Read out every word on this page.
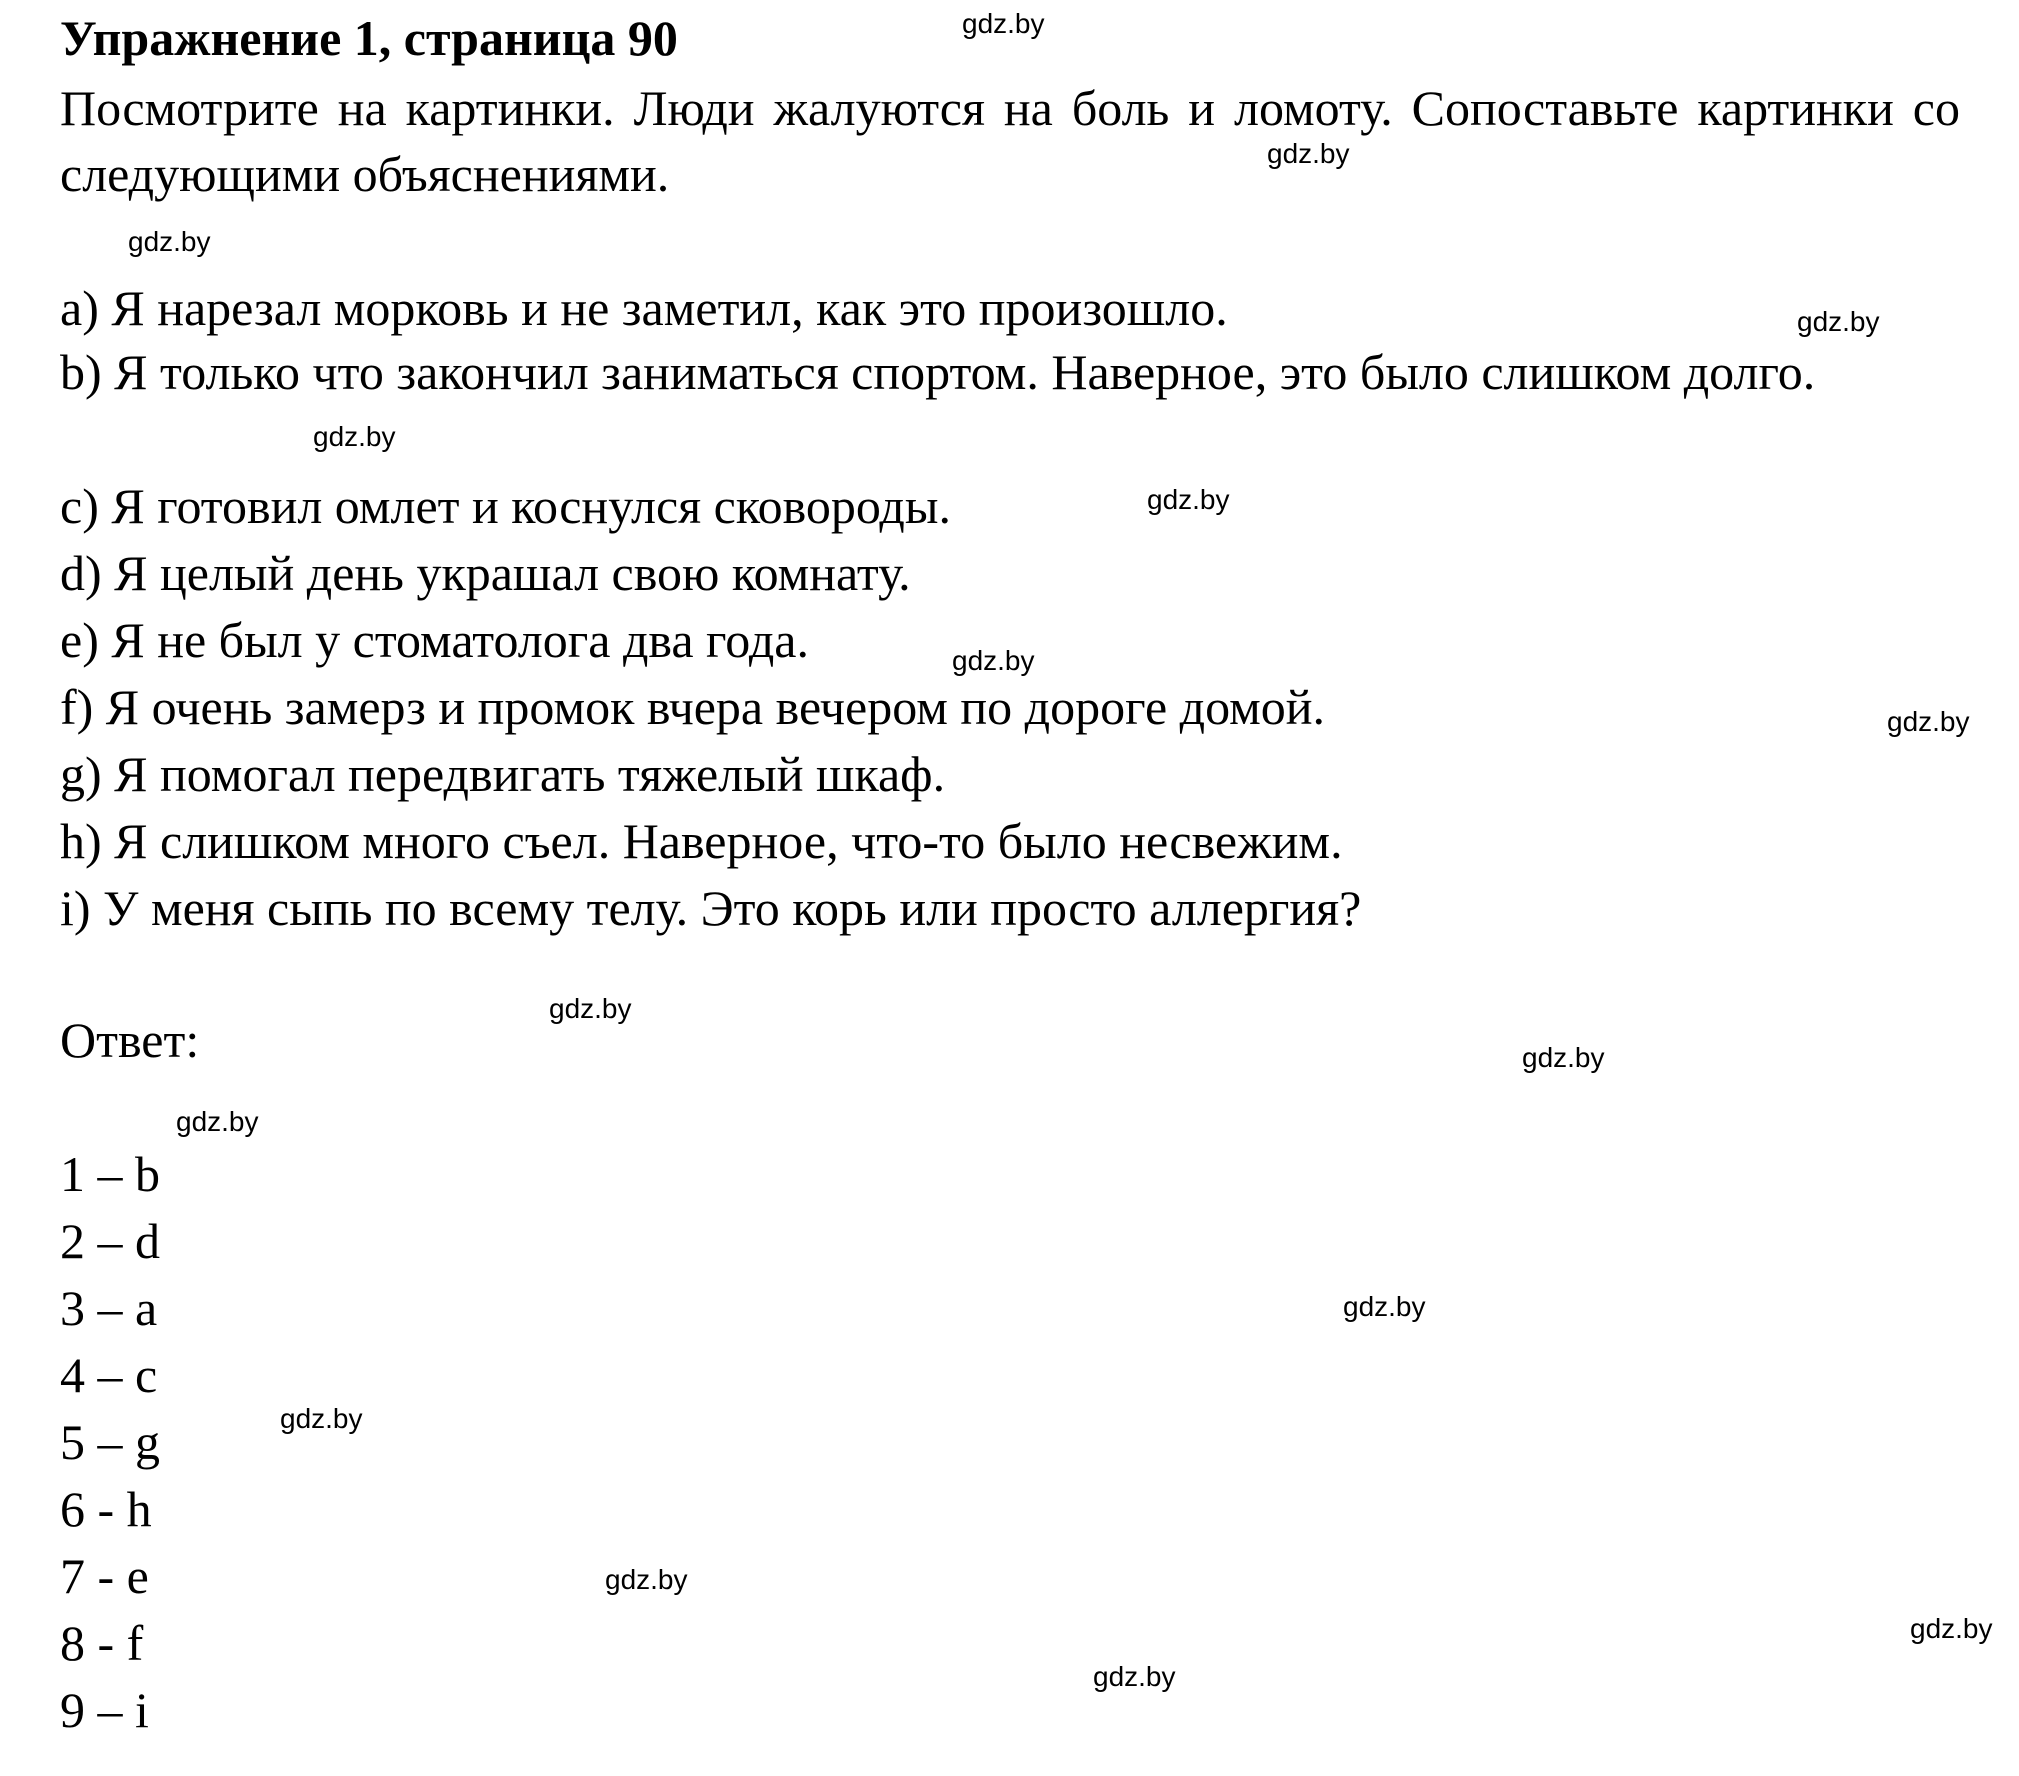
Упражнение 1, страница 90

Посмотрите на картинки. Люди жалуются на боль и ломоту. Сопоставьте картинки со следующими объяснениями.

a) Я нарезал морковь и не заметил, как это произошло.

b) Я только что закончил заниматься спортом. Наверное, это было слишком долго.

c) Я готовил омлет и коснулся сковороды.

d) Я целый день украшал свою комнату.

e) Я не был у стоматолога два года.

f) Я очень замерз и промок вчера вечером по дороге домой.

g) Я помогал передвигать тяжелый шкаф.

h) Я слишком много съел. Наверное, что-то было несвежим.

i) У меня сыпь по всему телу. Это корь или просто аллергия?

Ответ:

1 – b

2 – d

3 – a

4 – c

5 – g

6 - h

7 - e

8 - f

9 – i

gdz.by
gdz.by
gdz.by
gdz.by
gdz.by
gdz.by
gdz.by
gdz.by
gdz.by
gdz.by
gdz.by
gdz.by
gdz.by
gdz.by
gdz.by
gdz.by
